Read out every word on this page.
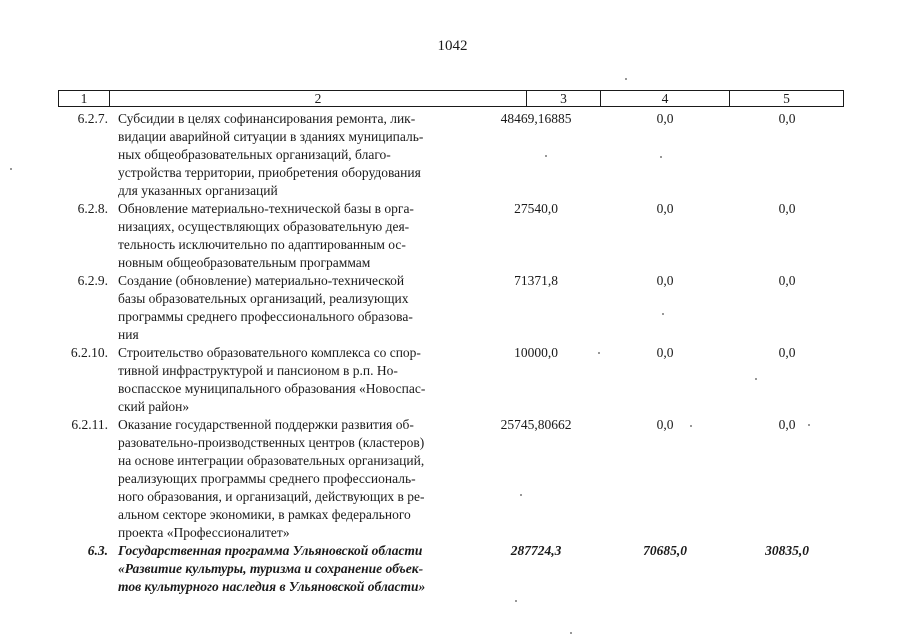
1042
1	2	3	4	5
6.2.7. Субсидии в целях софинансирования ремонта, лик-
видации аварийной ситуации в зданиях муниципаль-
ных общеобразовательных организаций, благо-
устройства территории, приобретения оборудования
для указанных организаций
48469,16885	0,0	0,0
6.2.8. Обновление материально-технической базы в орга-
низациях, осуществляющих образовательную дея-
тельность исключительно по адаптированным ос-
новным общеобразовательным программам
27540,0	0,0	0,0
6.2.9. Создание (обновление) материально-технической
базы образовательных организаций, реализующих
программы среднего профессионального образова-
ния
71371,8	0,0	0,0
6.2.10. Строительство образовательного комплекса со спор-
тивной инфраструктурой и пансионом в р.п. Но-
воспасское муниципального образования «Новоспас-
ский район»
10000,0	0,0	0,0
6.2.11. Оказание государственной поддержки развития об-
разовательно-производственных центров (кластеров)
на основе интеграции образовательных организаций,
реализующих программы среднего профессиональ-
ного образования, и организаций, действующих в ре-
альном секторе экономики, в рамках федерального
проекта «Профессионалитет»
25745,80662	0,0	0,0
6.3. Государственная программа Ульяновской области
«Развитие культуры, туризма и сохранение объек-
тов культурного наследия в Ульяновской области»
287724,3	70685,0	30835,0
